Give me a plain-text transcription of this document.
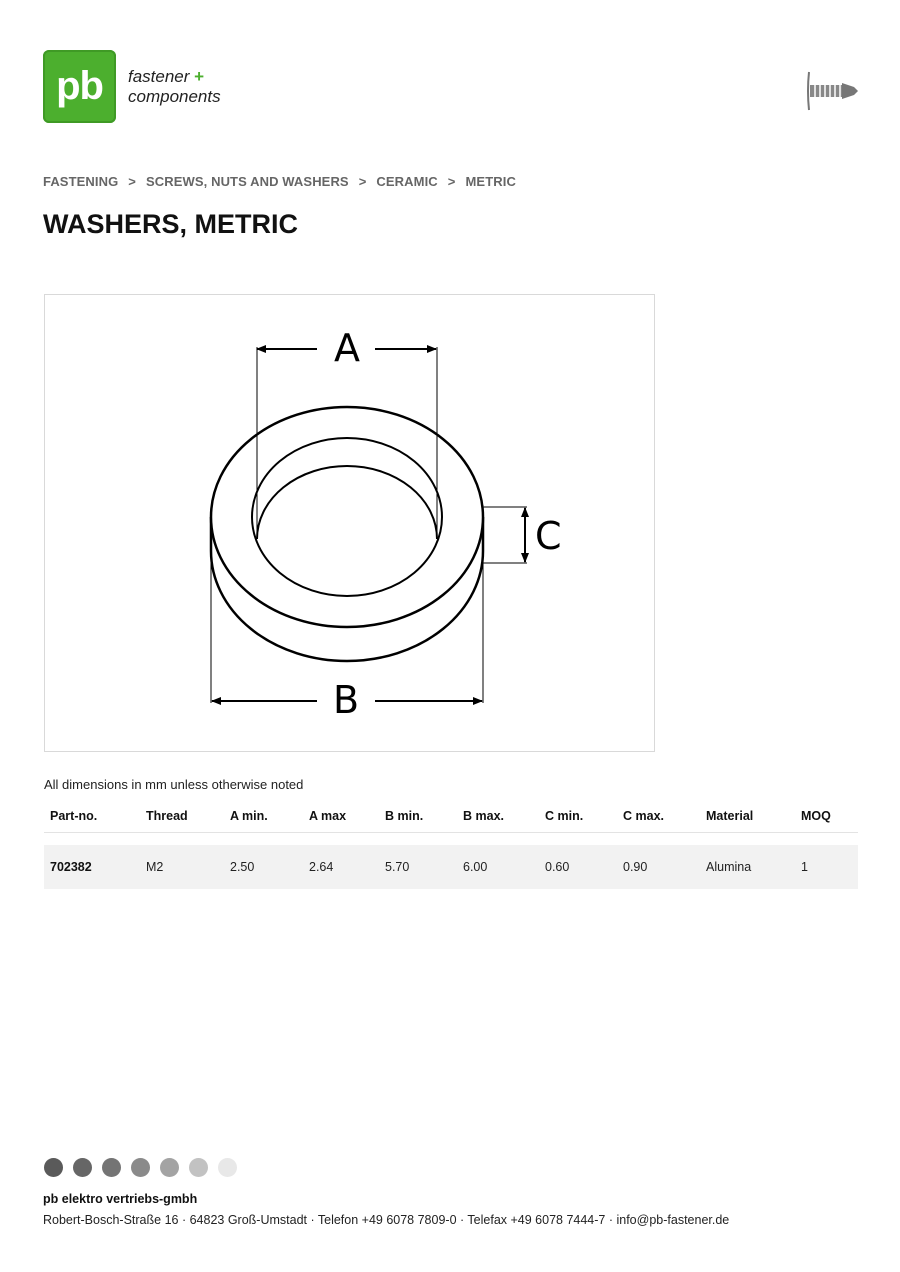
pb	fastener +
components
FASTENING > SCREWS, NUTS AND WASHERS > CERAMIC > METRIC
WASHERS, METRIC
A
B
C
All dimensions in mm unless otherwise noted
Part-no.	Thread	A min.	A max	B min.	B max.	C min.	C max.	Material	MOQ

702382	M2	2.50	2.64	5.70	6.00	0.60	0.90	Alumina	1
pb elektro vertriebs-gmbh
Robert-Bosch-Straße 16 · 64823 Groß-Umstadt · Telefon +49 6078 7809-0 · Telefax +49 6078 7444-7 · info@pb-fastener.de
